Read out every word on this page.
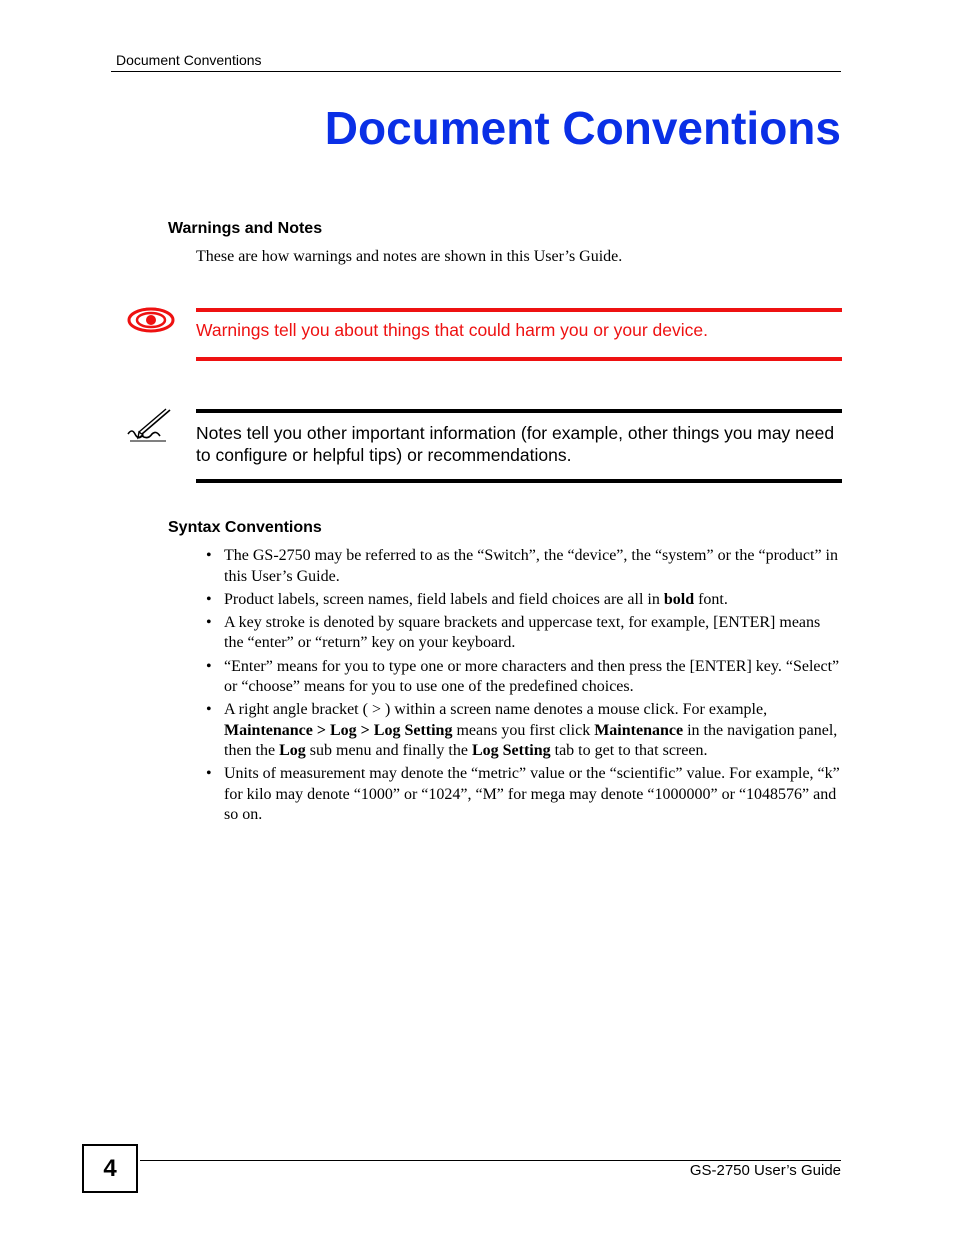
Document Conventions
Document Conventions
Warnings and Notes

These are how warnings and notes are shown in this User’s Guide.

Warnings tell you about things that could harm you or your device.

Notes tell you other important information (for example, other things you may need to configure or helpful tips) or recommendations.

Syntax Conventions
• The GS-2750 may be referred to as the “Switch”, the “device”, the “system” or the “product” in this User’s Guide.
• Product labels, screen names, field labels and field choices are all in bold font.
• A key stroke is denoted by square brackets and uppercase text, for example, [ENTER] means the “enter” or “return” key on your keyboard.
• “Enter” means for you to type one or more characters and then press the [ENTER] key. “Select” or “choose” means for you to use one of the predefined choices.
• A right angle bracket ( > ) within a screen name denotes a mouse click. For example, Maintenance > Log > Log Setting means you first click Maintenance in the navigation panel, then the Log sub menu and finally the Log Setting tab to get to that screen.
• Units of measurement may denote the “metric” value or the “scientific” value. For example, “k” for kilo may denote “1000” or “1024”, “M” for mega may denote “1000000” or “1048576” and so on.
4	GS-2750 User’s Guide
